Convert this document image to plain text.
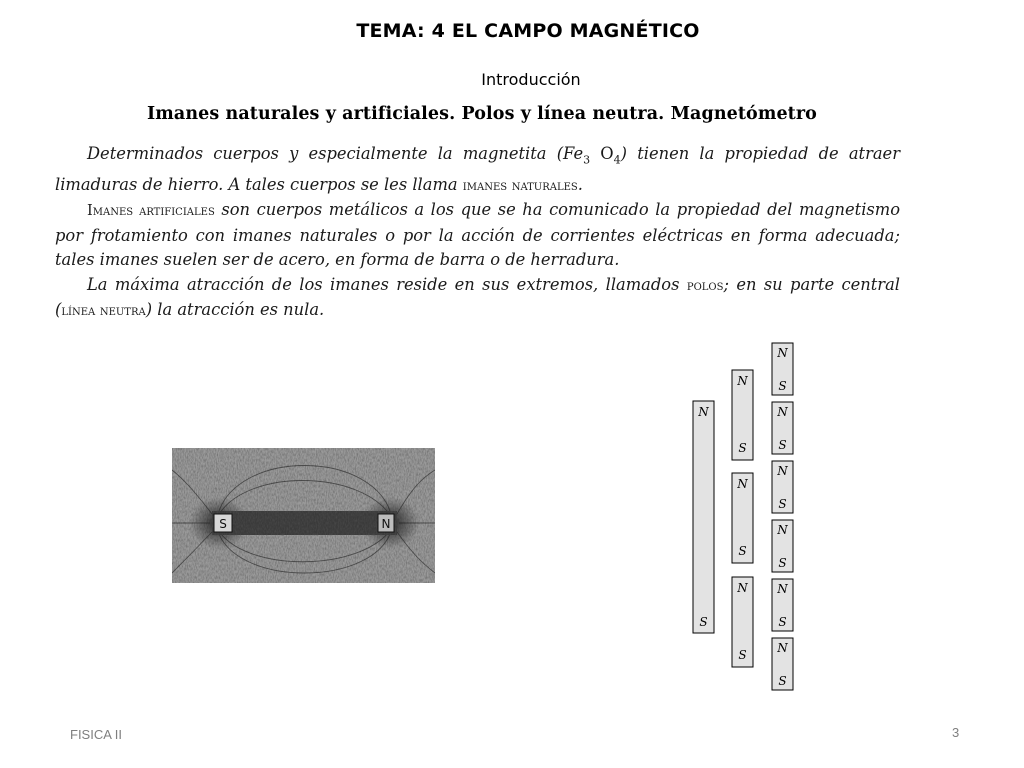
TEMA: 4 EL CAMPO MAGNÉTICO
Introducción
Imanes naturales y artificiales. Polos y línea neutra. Magnetómetro

Determinados cuerpos y especialmente la magnetita ($Fe_3$ $O_4$) tienen la propiedad de atraer limaduras de hierro. A tales cuerpos se les llama imanes naturales.

Imanes artificiales son cuerpos metálicos a los que se ha comunicado la propiedad del magnetismo por frotamiento con imanes naturales o por la acción de corrientes eléctricas en forma adecuada; tales imanes suelen ser de acero, en forma de barra o de herradura.

La máxima atracción de los imanes reside en sus extremos, llamados polos; en su parte central (línea neutra) la atracción es nula.

S	N
N
S
N
S
N
S
N
S
N
S
N
S
N
S
N
S
N
S
N
S
FISICA II	3
